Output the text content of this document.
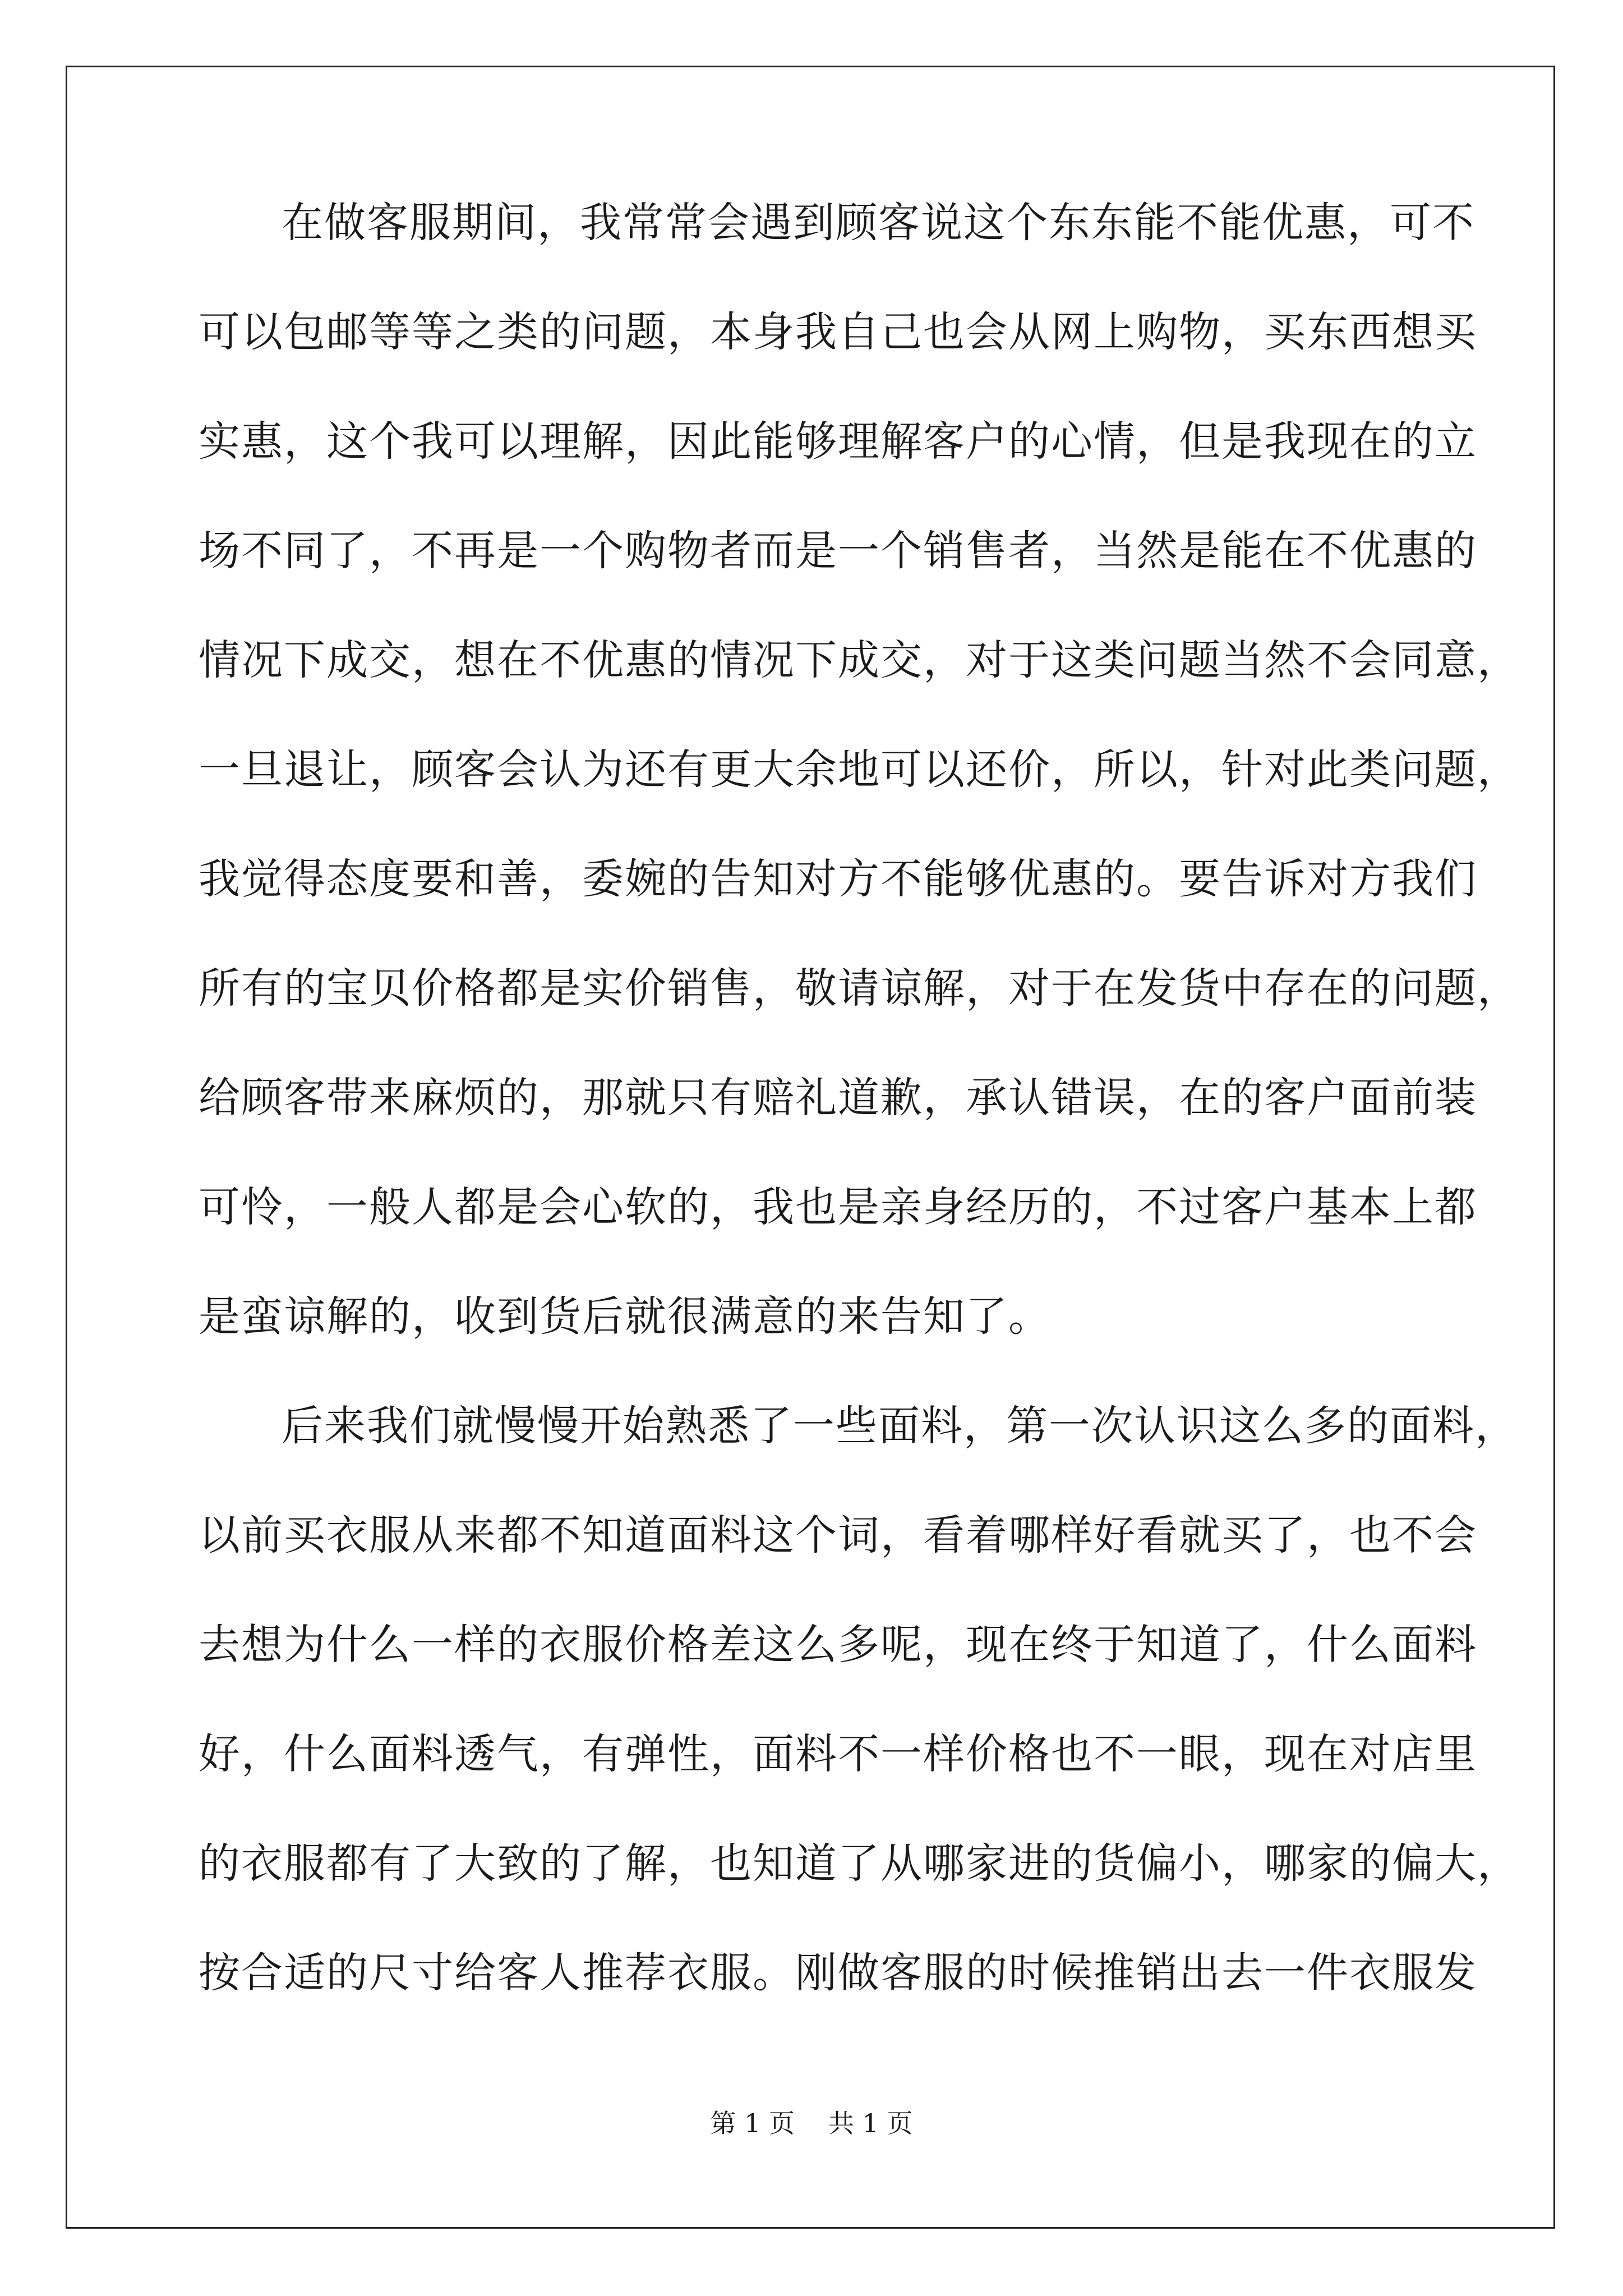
在做客服期间，我常常会遇到顾客说这个东东能不能优惠，可不
可以包邮等等之类的问题，本身我自己也会从网上购物，买东西想买
实惠，这个我可以理解，因此能够理解客户的心情，但是我现在的立
场不同了，不再是一个购物者而是一个销售者，当然是能在不优惠的
情况下成交，想在不优惠的情况下成交，对于这类问题当然不会同意，
一旦退让，顾客会认为还有更大余地可以还价，所以，针对此类问题，
我觉得态度要和善，委婉的告知对方不能够优惠的。要告诉对方我们
所有的宝贝价格都是实价销售，敬请谅解，对于在发货中存在的问题，
给顾客带来麻烦的，那就只有赔礼道歉，承认错误，在的客户面前装
可怜，一般人都是会心软的，我也是亲身经历的，不过客户基本上都
是蛮谅解的，收到货后就很满意的来告知了。
后来我们就慢慢开始熟悉了一些面料，第一次认识这么多的面料，
以前买衣服从来都不知道面料这个词，看着哪样好看就买了，也不会
去想为什么一样的衣服价格差这么多呢，现在终于知道了，什么面料
好，什么面料透气，有弹性，面料不一样价格也不一眼，现在对店里
的衣服都有了大致的了解，也知道了从哪家进的货偏小，哪家的偏大，
按合适的尺寸给客人推荐衣服。刚做客服的时候推销出去一件衣服发
第 1 页 共 1 页
